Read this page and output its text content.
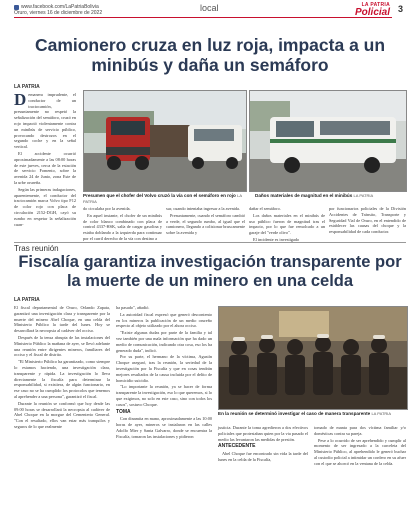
www.facebook.com/LaPatriaBolivia
Oruro, viernes 16 de diciembre de 2022	local	LA PATRIA
Policial 3
Camionero cruza en luz roja, impacta a un minibús y daña un semáforo
LA PATRIA
D emanera imprudente, el conductor de un tractocamión, presuntamente no respetó la señalización del semáforo, cruzó en rojo impactó violentamente contra un minibús de servicio público, provocando destrozos en el segundo coche y en la señal vertical.

El accidente ocurrió aproximadamente a las 08:00 horas de este jueves, cerca de la estación de servicio Fomento, sobre la avenida 24 de Junio, zona Este de la urbe orureña.

Según las primeras indagaciones, aparentemente, el conductor del tractocamión marca Volvo tipo F12 de color rojo con placa de circulación 2152-DGH, cayó su rumbo en respetar la señalización cuan-

Presumen que el chofer del Volvo cruzó la vía con el semáforo en rojo LA PATRIA
Daños materiales de magnitud en el minibús LA PATRIA

do circulaba por la avenida.

En aquel instante, el chofer de un minibús de color blanco combinado con placa de control 4337-HSK, salía de cargar gasolina y estaba doblando a la izquierda para continuar por el carril derecho de la vía con destino a

sur, cuando intentaba ingresar a la avenida.

Presuntamente, cuando el semáforo cambió a verde, el segundo rumbo, al igual que el camionero, llegando a colisionar bruscamente sobre la avenida y

dañar el semáforo.

Los daños materiales en el minibús de uso público fueron de magnitud tras el impacto, por lo que fue remolcado a un garaje del "verde olivo".

El incidente es investigado

por funcionarios policiales de la División Accidentes de Tránsito, Transporte y Seguridad Vial de Oruro, en el entendido de establecer las causas del choque y la responsabilidad de cada conductor.

Tras reunión
Fiscalía garantiza investigación transparente por la muerte de un minero en una celda
LA PATRIA

El fiscal departamental de Oruro, Orlando Zapata, garantizó una investigación clara y transparente por la muerte del minero Abel Choque, en una celda del Ministerio Público la tarde del lunes. Hoy se desarrollará la necropsia al cadáver del occiso.

Después de la tensa abrupta de las instalaciones del Ministerio Público la mañana de ayer, se llevó adelante una reunión entre dirigentes mineros, familiares del occiso y el fiscal de distrito.

"El Ministerio Público ha garantizado, como siempre lo estamos haciendo, una investigación clara, transparente y rápida. La investigación lo lleva directamente la fiscalía para determinar la responsabilidad, si existiera, de algún funcionario, en ese caso no se ha cumplido los protocolos que tenemos al aprehender a una persona", garantizó el fiscal.

Durante la reunión se conformó que hoy desde las 09:00 horas se desarrollará la necropsia al cadáver de Abel Choque en la morgue del Cementerio General. "Con el resultado, ellos van estar más tranquilos y seguros de lo que realmente

ha pasado", añadió.

La autoridad fiscal expresó que generó descontento en los mineros la publicación de un medio orureño respecto al objeto utilizado por el ahora occiso.

"Existe algunas dudas por parte de la familia y tal vez también por una mala información que ha dado un medio de comunicación, indicando otra cosa, eso los ha generado duda", indicó.

Por su parte, el hermano de la víctima, Agustín Choque aseguró, tras la reunión, la seriedad de la investigación por la Fiscalía y que en cosas tendrán mejores resultados de la causa incluida por el delito de homicidio suicidio.

"Lo importante la reunión, ya se hacer de forma transparente la investigación, eso lo que queremos, si lo que exigimos, no solo en este caso, sino con todos los casos", sostuvo Choque.

TOMA

Con dinamita en mano, aproximadamente a las 10:00 horas de ayer, mineros se instalaron en las calles Adolfo Mier y Santa Galvarro, donde se encuentra la Fiscalía, tomaron las instalaciones y pidieron

En la reunión se determinó investigar el caso de manera transparente LA PATRIA

justicia. Durante la toma agredieron a dos efectivos policiales que protestaban quien por la via pasado el medio las levantaron las medidas de presión.

ANTECEDENTE

Abel Choque fue encontrado sin vida la tarde del lunes en la celda de la Fiscalía,

tomado de manta para dos víctima familiar y/o domésticas contra su pareja.

Pese a lo ocurrido de ser aprehendido y cumplir al momento de ser ingresado a la carceleta del Ministerio Público, al aprehendido le generó buchar al custodio policial a intimidar un cordero en su afuer con el que se ahorcó en la ventana de la celda.
